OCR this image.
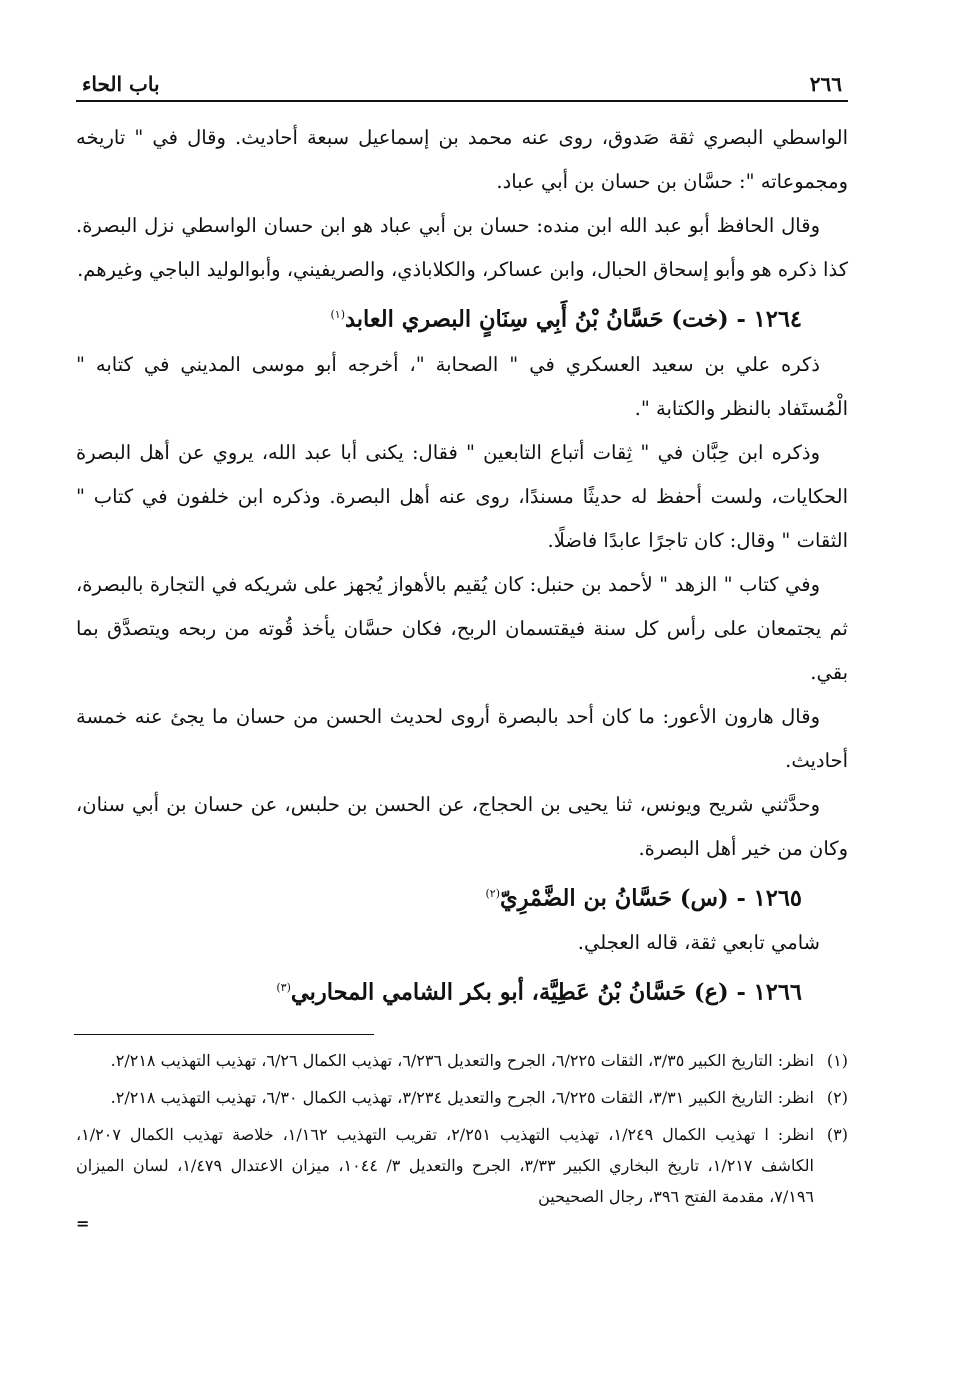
٢٦٦
باب الحاء

الواسطي البصري ثقة صَدوق، روى عنه محمد بن إسماعيل سبعة أحاديث. وقال في " تاريخه ومجموعاته ": حسَّان بن حسان بن أبي عباد.

وقال الحافظ أبو عبد الله ابن منده: حسان بن أبي عباد هو ابن حسان الواسطي نزل البصرة. كذا ذكره هو وأبو إسحاق الحبال، وابن عساكر، والكلاباذي، والصريفيني، وأبوالوليد الباجي وغيرهم.

١٢٦٤ - (خت) حَسَّانُ بْنُ أَبِي سِنَانٍ البصري العابد$^{(١)}$

ذكره علي بن سعيد العسكري في " الصحابة "، أخرجه أبو موسى المديني في كتابه " الْمُستَفاد بالنظر والكتابة ".

وذكره ابن حِبَّان في " ثِقات أتباع التابعين " فقال: يكنى أبا عبد الله، يروي عن أهل البصرة الحكايات، ولست أحفظ له حديثًا مسندًا، روى عنه أهل البصرة. وذكره ابن خلفون في كتاب " الثقات " وقال: كان تاجرًا عابدًا فاضلًا.

وفي كتاب " الزهد " لأحمد بن حنبل: كان يُقيم بالأهواز يُجهز على شريكه في التجارة بالبصرة، ثم يجتمعان على رأس كل سنة فيقتسمان الربح، فكان حسَّان يأخذ قُوته من ربحه ويتصدَّق بما بقي.

وقال هارون الأعور: ما كان أحد بالبصرة أروى لحديث الحسن من حسان ما يجئ عنه خمسة أحاديث.

وحدَّثني شريح ويونس، ثنا يحيى بن الحجاج، عن الحسن بن حلبس، عن حسان بن أبي سنان، وكان من خير أهل البصرة.

١٢٦٥ - (س) حَسَّانُ بن الضَّمْرِيّ$^{(٢)}$

شامي تابعي ثقة، قاله العجلي.

١٢٦٦ - (ع) حَسَّانُ بْنُ عَطِيَّة، أبو بكر الشامي المحاربي$^{(٣)}$
(١)
انظر: التاريخ الكبير ٣/٣٥، الثقات ٦/٢٢٥، الجرح والتعديل ٦/٢٣٦، تهذيب الكمال ٦/٢٦، تهذيب التهذيب ٢/٢١٨.
(٢)
انظر: التاريخ الكبير ٣/٣١، الثقات ٦/٢٢٥، الجرح والتعديل ٣/٢٣٤، تهذيب الكمال ٦/٣٠، تهذيب التهذيب ٢/٢١٨.
(٣)
انظر: ا تهذيب الكمال ١/٢٤٩، تهذيب التهذيب ٢/٢٥١، تقريب التهذيب ١/١٦٢، خلاصة تهذيب الكمال ١/٢٠٧، الكاشف ١/٢١٧، تاريخ البخاري الكبير ٣/٣٣، الجرح والتعديل ٣/ ١٠٤٤، ميزان الاعتدال ١/٤٧٩، لسان الميزان ٧/١٩٦، مقدمة الفتح ٣٩٦، رجال الصحيحين
=
